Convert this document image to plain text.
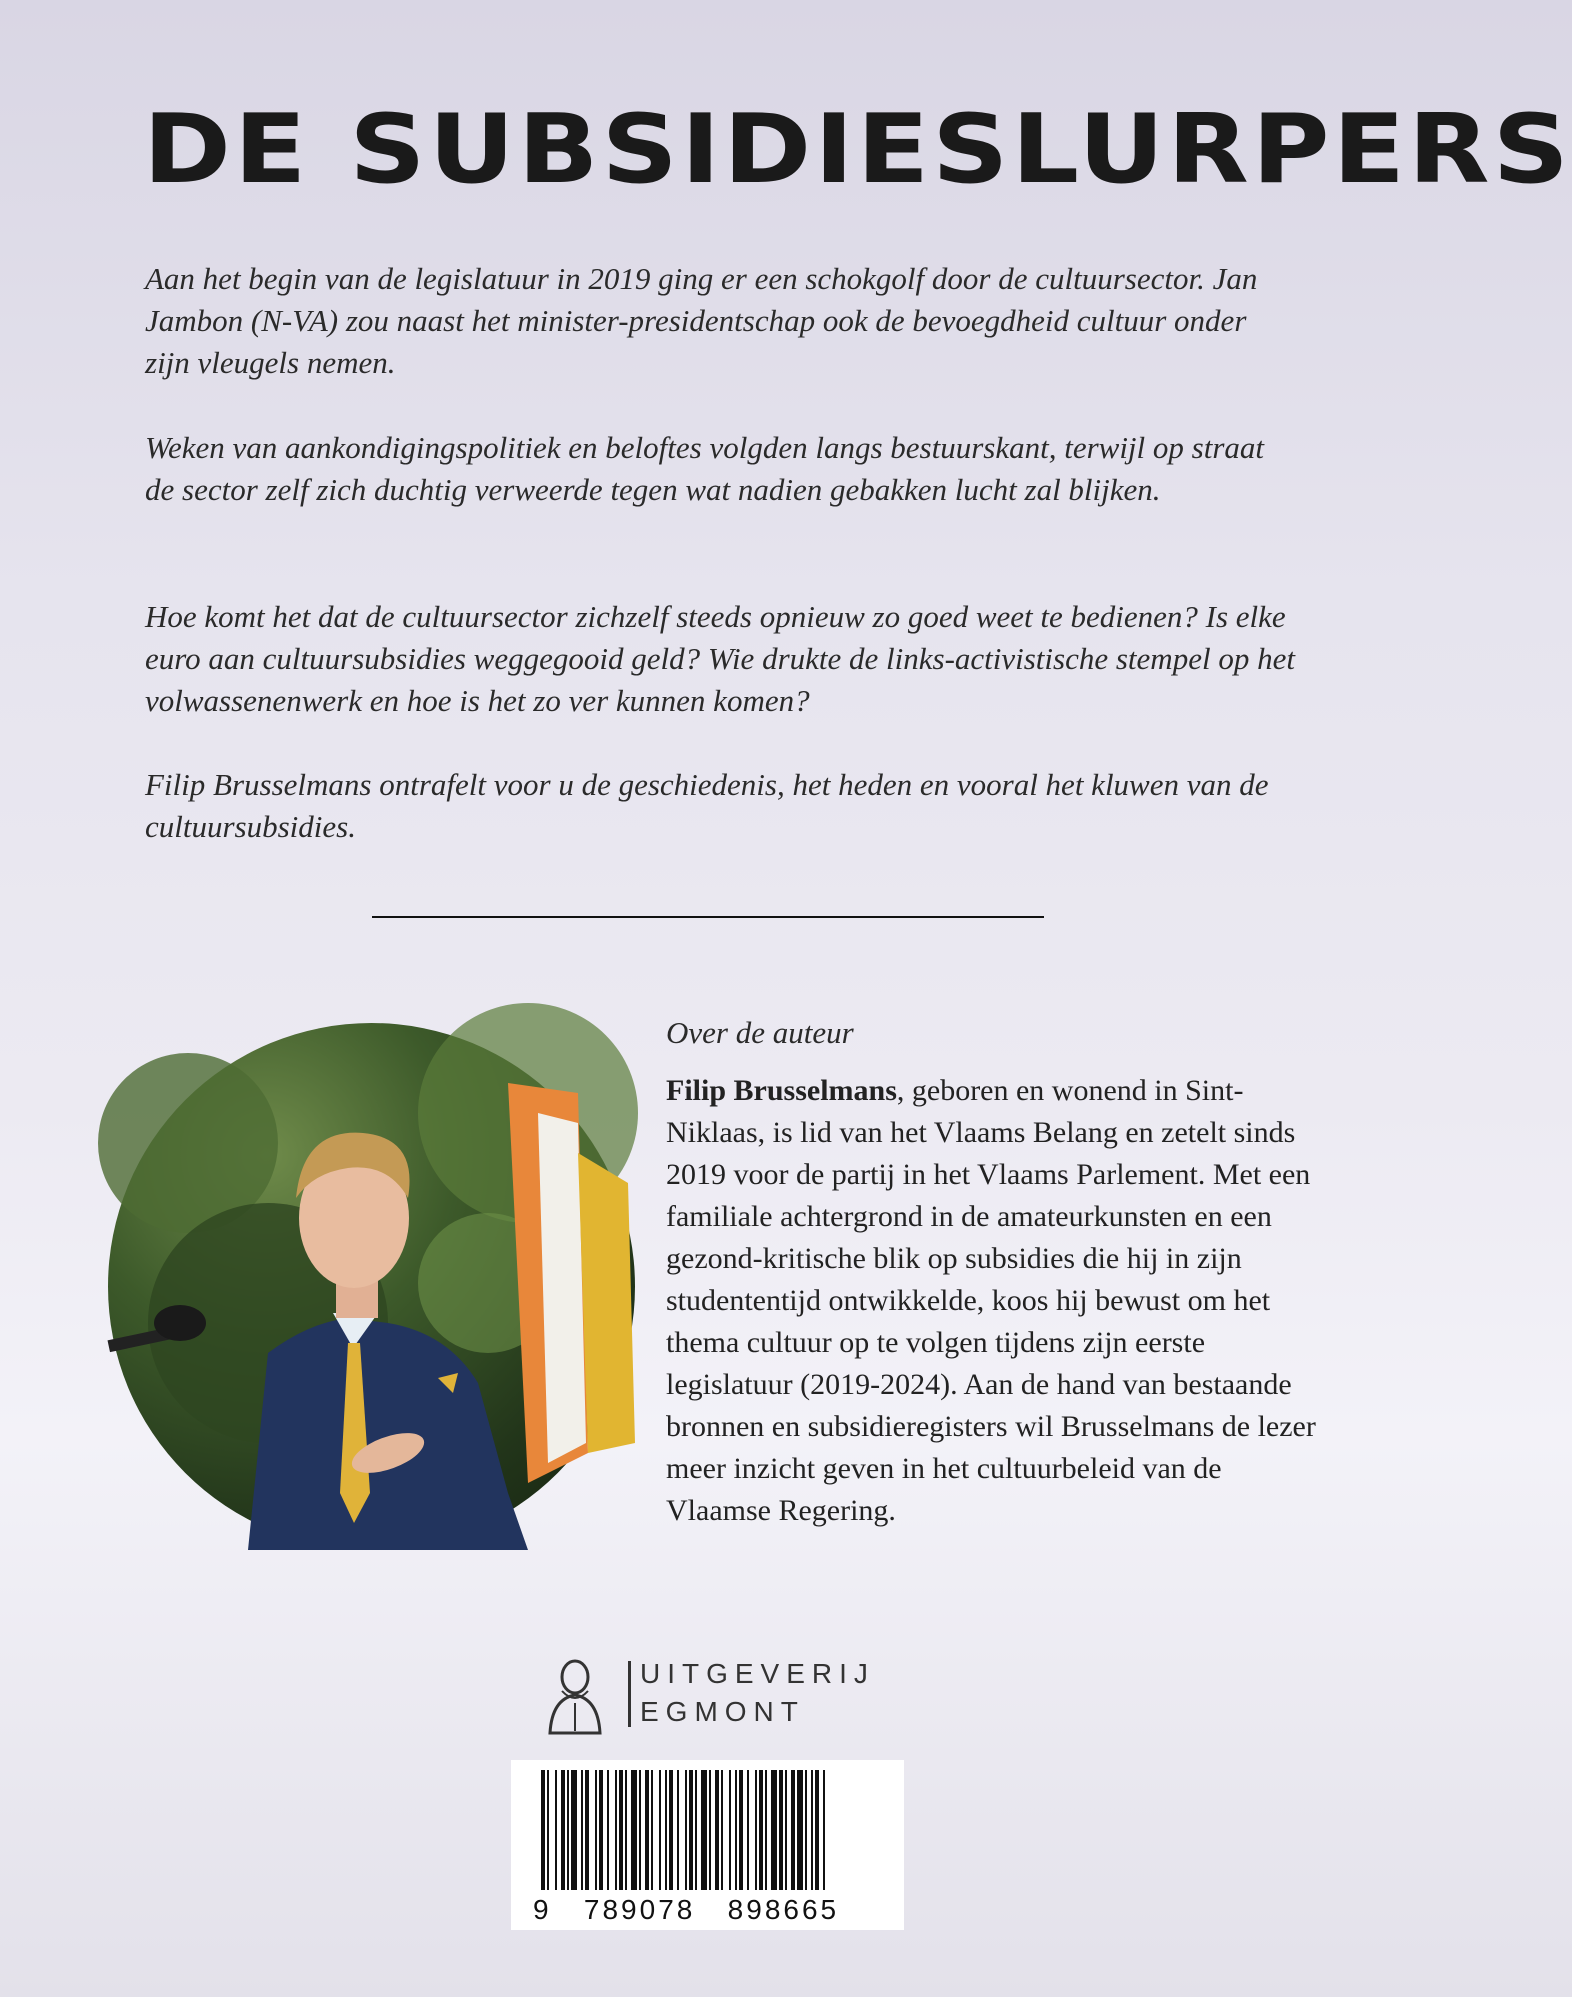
DE SUBSIDIESLURPERS

Aan het begin van de legislatuur in 2019 ging er een schokgolf door de cultuursector. Jan Jambon (N-VA) zou naast het minister-presidentschap ook de bevoegdheid cultuur onder zijn vleugels nemen.

Weken van aankondigingspolitiek en beloftes volgden langs bestuurskant, terwijl op straat de sector zelf zich duchtig verweerde tegen wat nadien gebakken lucht zal blijken.

Hoe komt het dat de cultuursector zichzelf steeds opnieuw zo goed weet te bedienen? Is elke euro aan cultuursubsidies weggegooid geld? Wie drukte de links-activistische stempel op het volwassenenwerk en hoe is het zo ver kunnen komen?

Filip Brusselmans ontrafelt voor u de geschiedenis, het heden en vooral het kluwen van de cultuursubsidies.

Over de auteur

Filip Brusselmans, geboren en wonend in Sint-Niklaas, is lid van het Vlaams Belang en zetelt sinds 2019 voor de partij in het Vlaams Parlement. Met een familiale achtergrond in de amateurkunsten en een gezond-kritische blik op subsidies die hij in zijn studententijd ontwikkelde, koos hij bewust om het thema cultuur op te volgen tijdens zijn eerste legislatuur (2019-2024). Aan de hand van bestaande bronnen en subsidieregisters wil Brusselmans de lezer meer inzicht geven in het cultuurbeleid van de Vlaamse Regering.

UITGEVERIJ
EGMONT
9   789078   898665
